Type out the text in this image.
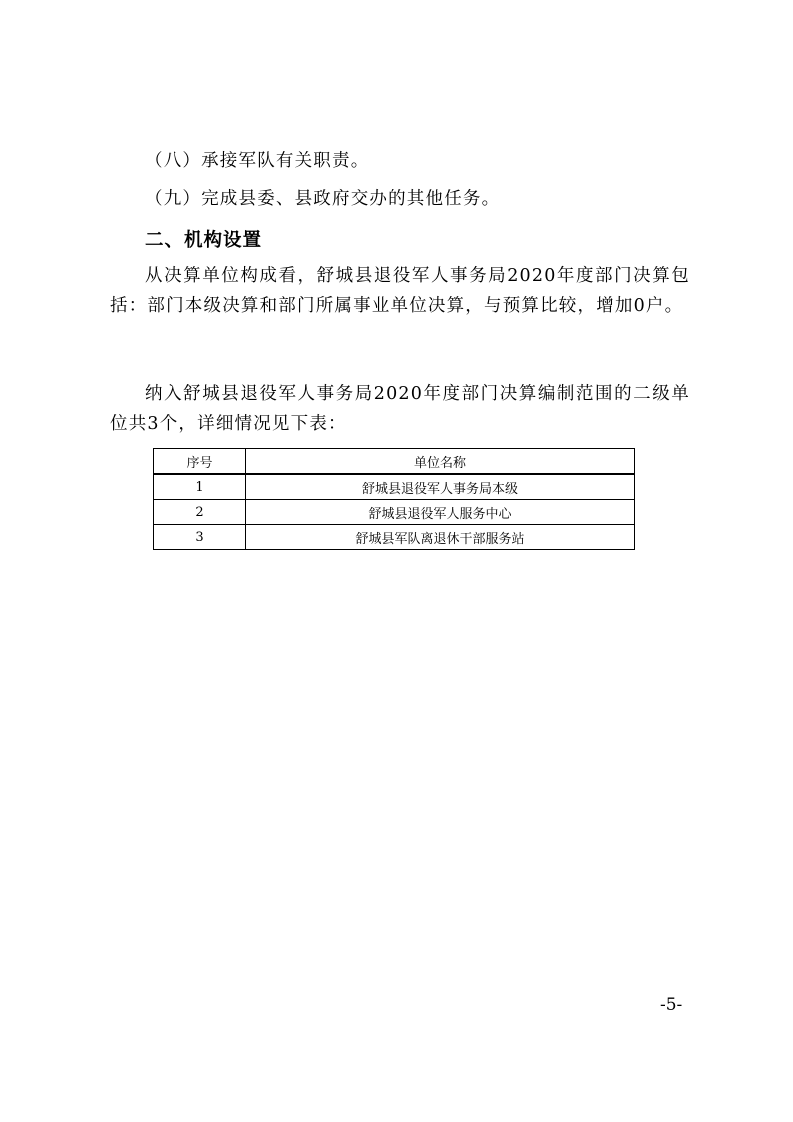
（八）承接军队有关职责。

（九）完成县委、县政府交办的其他任务。

二、机构设置

从决算单位构成看，舒城县退役军人事务局2020年度部门决算包括：部门本级决算和部门所属事业单位决算，与预算比较，增加0户。

纳入舒城县退役军人事务局2020年度部门决算编制范围的二级单位共3个，详细情况见下表：

序号	单位名称
1	舒城县退役军人事务局本级
2	舒城县退役军人服务中心
3	舒城县军队离退休干部服务站
-5-
